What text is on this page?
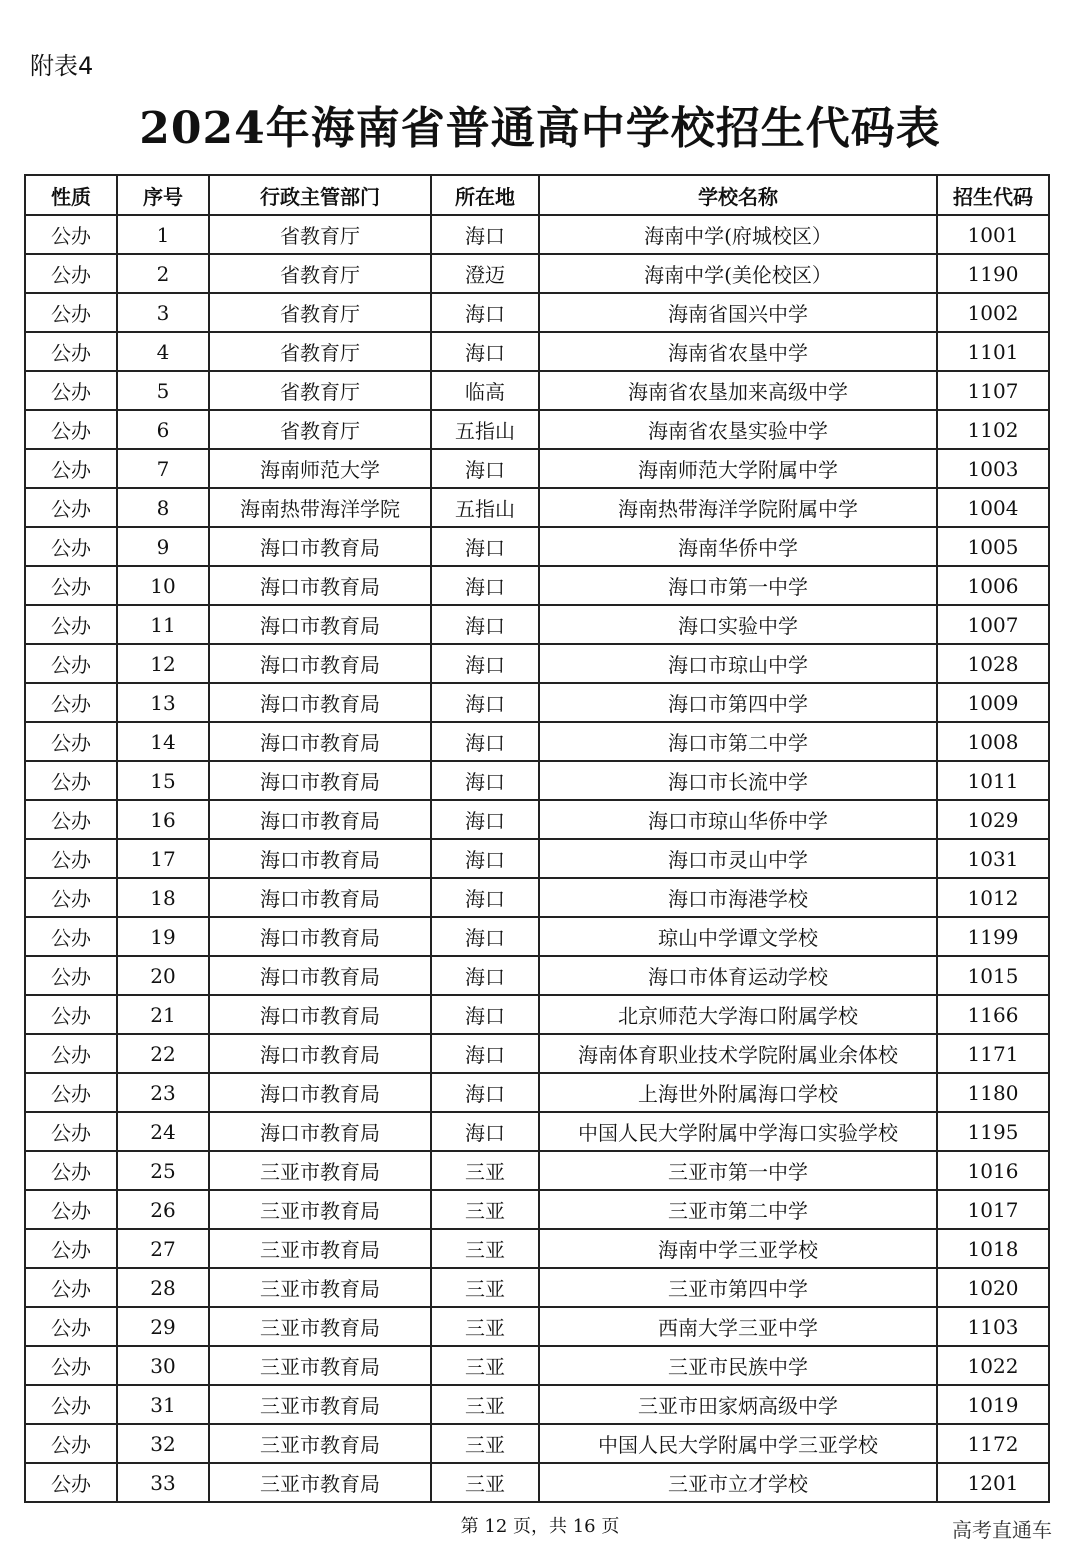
附表4
2024年海南省普通高中学校招生代码表
性质	序号	行政主管部门	所在地	学校名称	招生代码
公办	1	省教育厅	海口	海南中学(府城校区）	1001
公办	2	省教育厅	澄迈	海南中学(美伦校区）	1190
公办	3	省教育厅	海口	海南省国兴中学	1002
公办	4	省教育厅	海口	海南省农垦中学	1101
公办	5	省教育厅	临高	海南省农垦加来高级中学	1107
公办	6	省教育厅	五指山	海南省农垦实验中学	1102
公办	7	海南师范大学	海口	海南师范大学附属中学	1003
公办	8	海南热带海洋学院	五指山	海南热带海洋学院附属中学	1004
公办	9	海口市教育局	海口	海南华侨中学	1005
公办	10	海口市教育局	海口	海口市第一中学	1006
公办	11	海口市教育局	海口	海口实验中学	1007
公办	12	海口市教育局	海口	海口市琼山中学	1028
公办	13	海口市教育局	海口	海口市第四中学	1009
公办	14	海口市教育局	海口	海口市第二中学	1008
公办	15	海口市教育局	海口	海口市长流中学	1011
公办	16	海口市教育局	海口	海口市琼山华侨中学	1029
公办	17	海口市教育局	海口	海口市灵山中学	1031
公办	18	海口市教育局	海口	海口市海港学校	1012
公办	19	海口市教育局	海口	琼山中学谭文学校	1199
公办	20	海口市教育局	海口	海口市体育运动学校	1015
公办	21	海口市教育局	海口	北京师范大学海口附属学校	1166
公办	22	海口市教育局	海口	海南体育职业技术学院附属业余体校	1171
公办	23	海口市教育局	海口	上海世外附属海口学校	1180
公办	24	海口市教育局	海口	中国人民大学附属中学海口实验学校	1195
公办	25	三亚市教育局	三亚	三亚市第一中学	1016
公办	26	三亚市教育局	三亚	三亚市第二中学	1017
公办	27	三亚市教育局	三亚	海南中学三亚学校	1018
公办	28	三亚市教育局	三亚	三亚市第四中学	1020
公办	29	三亚市教育局	三亚	西南大学三亚中学	1103
公办	30	三亚市教育局	三亚	三亚市民族中学	1022
公办	31	三亚市教育局	三亚	三亚市田家炳高级中学	1019
公办	32	三亚市教育局	三亚	中国人民大学附属中学三亚学校	1172
公办	33	三亚市教育局	三亚	三亚市立才学校	1201
第 12 页，共 16 页	高考直通车
